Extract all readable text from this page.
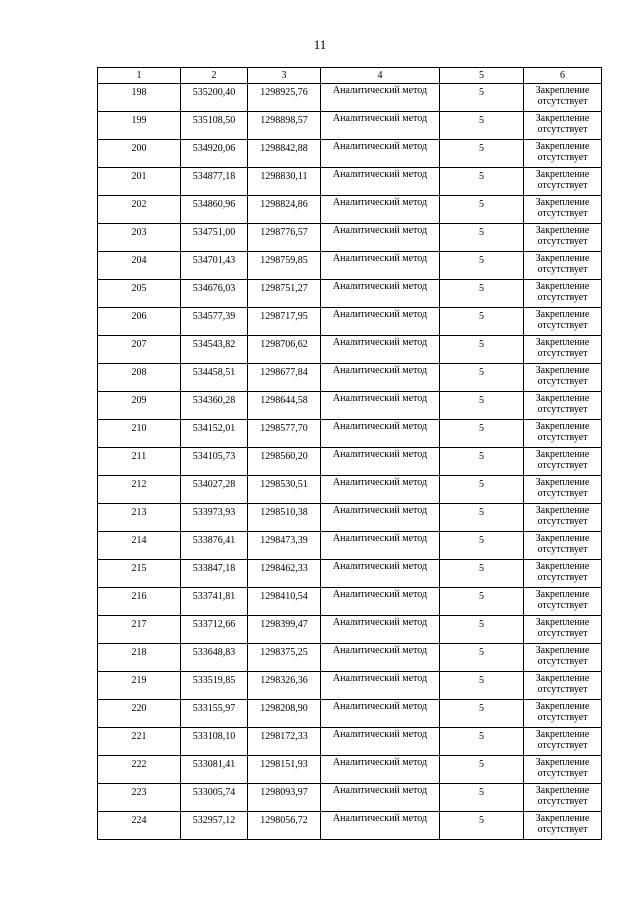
11
1	2	3	4	5	6
198	535200,40	1298925,76	Аналитический метод	5	Закрепление отсутствует
199	535108,50	1298898,57	Аналитический метод	5	Закрепление отсутствует
200	534920,06	1298842,88	Аналитический метод	5	Закрепление отсутствует
201	534877,18	1298830,11	Аналитический метод	5	Закрепление отсутствует
202	534860,96	1298824,86	Аналитический метод	5	Закрепление отсутствует
203	534751,00	1298776,57	Аналитический метод	5	Закрепление отсутствует
204	534701,43	1298759,85	Аналитический метод	5	Закрепление отсутствует
205	534676,03	1298751,27	Аналитический метод	5	Закрепление отсутствует
206	534577,39	1298717,95	Аналитический метод	5	Закрепление отсутствует
207	534543,82	1298706,62	Аналитический метод	5	Закрепление отсутствует
208	534458,51	1298677,84	Аналитический метод	5	Закрепление отсутствует
209	534360,28	1298644,58	Аналитический метод	5	Закрепление отсутствует
210	534152,01	1298577,70	Аналитический метод	5	Закрепление отсутствует
211	534105,73	1298560,20	Аналитический метод	5	Закрепление отсутствует
212	534027,28	1298530,51	Аналитический метод	5	Закрепление отсутствует
213	533973,93	1298510,38	Аналитический метод	5	Закрепление отсутствует
214	533876,41	1298473,39	Аналитический метод	5	Закрепление отсутствует
215	533847,18	1298462,33	Аналитический метод	5	Закрепление отсутствует
216	533741,81	1298410,54	Аналитический метод	5	Закрепление отсутствует
217	533712,66	1298399,47	Аналитический метод	5	Закрепление отсутствует
218	533648,83	1298375,25	Аналитический метод	5	Закрепление отсутствует
219	533519,85	1298326,36	Аналитический метод	5	Закрепление отсутствует
220	533155,97	1298208,90	Аналитический метод	5	Закрепление отсутствует
221	533108,10	1298172,33	Аналитический метод	5	Закрепление отсутствует
222	533081,41	1298151,93	Аналитический метод	5	Закрепление отсутствует
223	533005,74	1298093,97	Аналитический метод	5	Закрепление отсутствует
224	532957,12	1298056,72	Аналитический метод	5	Закрепление отсутствует
